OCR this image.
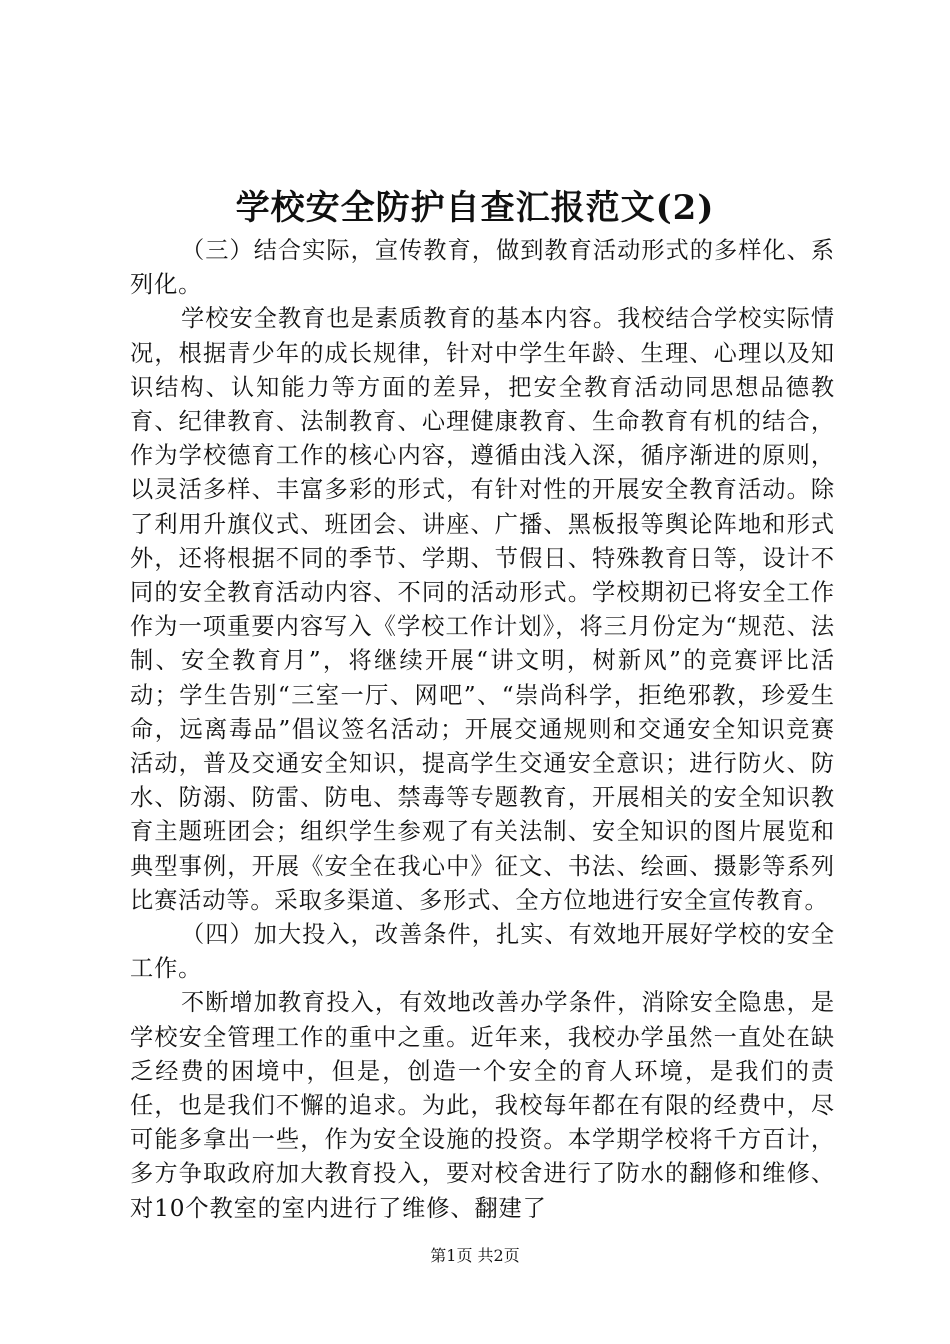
学校安全防护自查汇报范文(2)

（三）结合实际，宣传教育，做到教育活动形式的多样化、系列化。

学校安全教育也是素质教育的基本内容。我校结合学校实际情况，根据青少年的成长规律，针对中学生年龄、生理、心理以及知识结构、认知能力等方面的差异，把安全教育活动同思想品德教育、纪律教育、法制教育、心理健康教育、生命教育有机的结合，作为学校德育工作的核心内容，遵循由浅入深，循序渐进的原则，以灵活多样、丰富多彩的形式，有针对性的开展安全教育活动。除了利用升旗仪式、班团会、讲座、广播、黑板报等舆论阵地和形式外，还将根据不同的季节、学期、节假日、特殊教育日等，设计不同的安全教育活动内容、不同的活动形式。学校期初已将安全工作作为一项重要内容写入《学校工作计划》，将三月份定为“规范、法制、安全教育月”，将继续开展“讲文明，树新风”的竞赛评比活动；学生告别“三室一厅、网吧”、“崇尚科学，拒绝邪教，珍爱生命，远离毒品”倡议签名活动；开展交通规则和交通安全知识竞赛活动，普及交通安全知识，提高学生交通安全意识；进行防火、防水、防溺、防雷、防电、禁毒等专题教育，开展相关的安全知识教育主题班团会；组织学生参观了有关法制、安全知识的图片展览和典型事例，开展《安全在我心中》征文、书法、绘画、摄影等系列比赛活动等。采取多渠道、多形式、全方位地进行安全宣传教育。

（四）加大投入，改善条件，扎实、有效地开展好学校的安全工作。

不断增加教育投入，有效地改善办学条件，消除安全隐患，是学校安全管理工作的重中之重。近年来，我校办学虽然一直处在缺乏经费的困境中，但是，创造一个安全的育人环境，是我们的责任，也是我们不懈的追求。为此，我校每年都在有限的经费中，尽可能多拿出一些，作为安全设施的投资。本学期学校将千方百计，多方争取政府加大教育投入，要对校舍进行了防水的翻修和维修、对10个教室的室内进行了维修、翻建了

第1页 共2页
